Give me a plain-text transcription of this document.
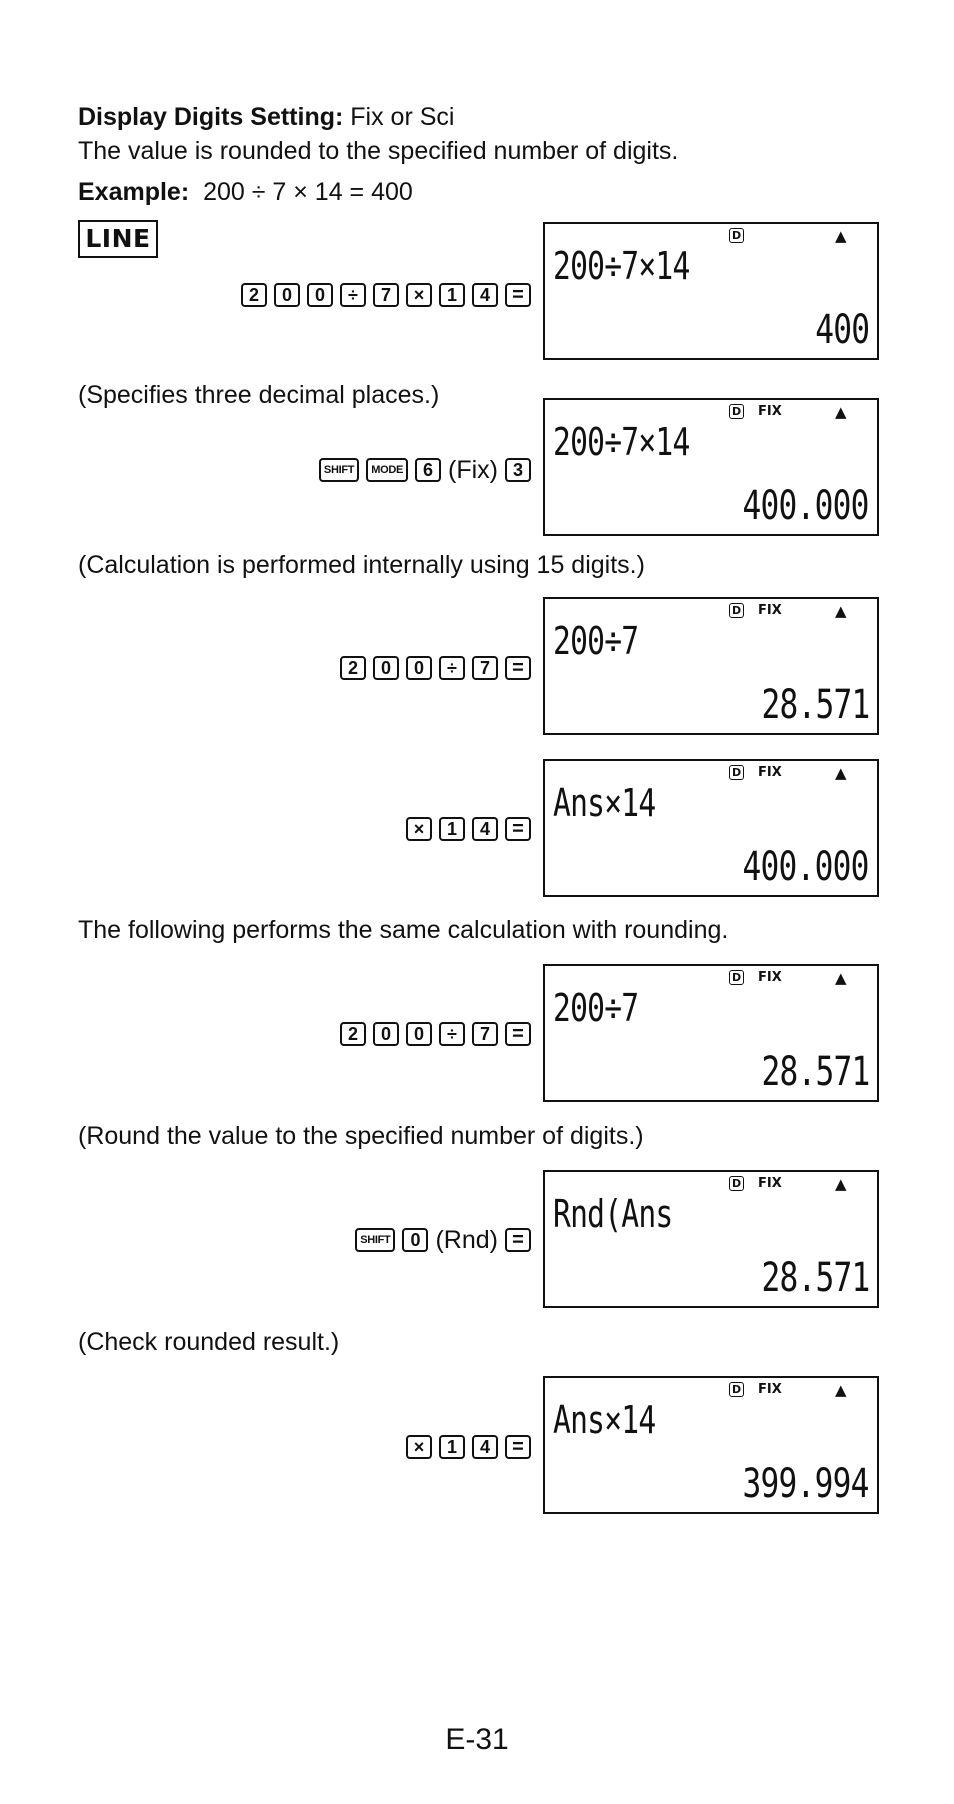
Display Digits Setting: Fix or Sci
The value is rounded to the specified number of digits.
Example: 200 ÷ 7 × 14 = 400
LINE
2	0	0	÷	7	×	1	4	=
D	▲
200÷7×14
400
(Specifies three decimal places.)
SHIFT	MODE	6 (Fix) 3
D FIX	▲
200÷7×14
400.000
(Calculation is performed internally using 15 digits.)
2	0	0	÷	7	=
D FIX	▲
200÷7
28.571
×	1	4	=
D FIX	▲
Ans×14
400.000
The following performs the same calculation with rounding.
2	0	0	÷	7	=
D FIX	▲
200÷7
28.571
(Round the value to the specified number of digits.)
SHIFT	0 (Rnd) =
D FIX	▲
Rnd(Ans
28.571
(Check rounded result.)
×	1	4	=
D FIX	▲
Ans×14
399.994
E-31
